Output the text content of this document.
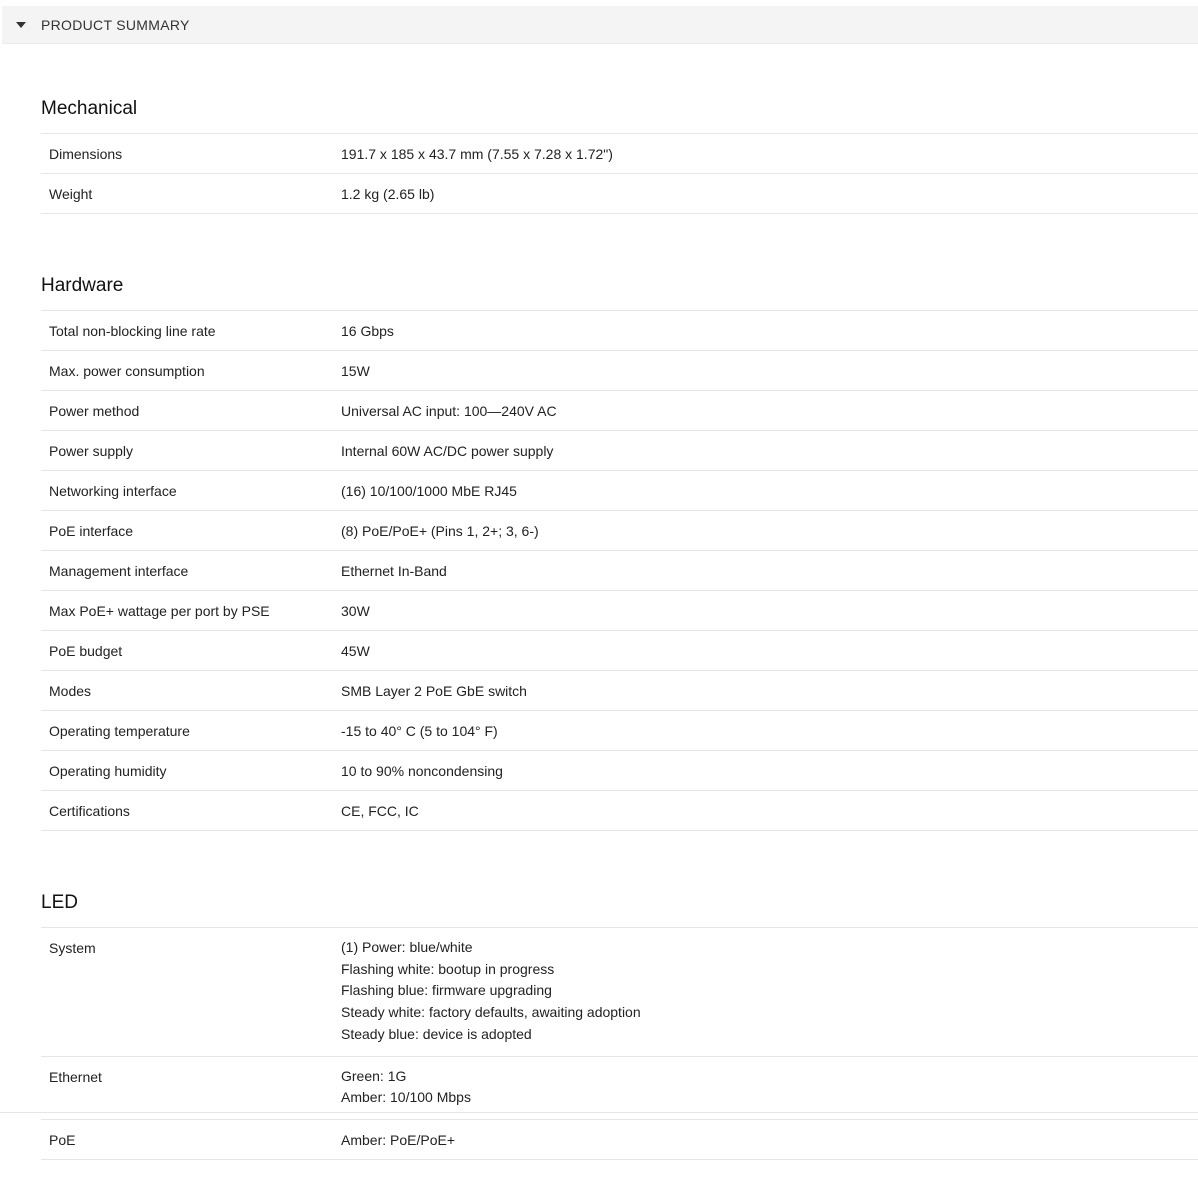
PRODUCT SUMMARY
Mechanical
Dimensions	191.7 x 185 x 43.7 mm (7.55 x 7.28 x 1.72")
Weight	1.2 kg (2.65 lb)
Hardware
Total non-blocking line rate	16 Gbps
Max. power consumption	15W
Power method	Universal AC input: 100—240V AC
Power supply	Internal 60W AC/DC power supply
Networking interface	(16) 10/100/1000 MbE RJ45
PoE interface	(8) PoE/PoE+ (Pins 1, 2+; 3, 6-)
Management interface	Ethernet In-Band
Max PoE+ wattage per port by PSE	30W
PoE budget	45W
Modes	SMB Layer 2 PoE GbE switch
Operating temperature	-15 to 40° C (5 to 104° F)
Operating humidity	10 to 90% noncondensing
Certifications	CE, FCC, IC
LED
System	(1) Power: blue/white
Flashing white: bootup in progress
Flashing blue: firmware upgrading
Steady white: factory defaults, awaiting adoption
Steady blue: device is adopted
Ethernet	Green: 1G
Amber: 10/100 Mbps
PoE	Amber: PoE/PoE+
